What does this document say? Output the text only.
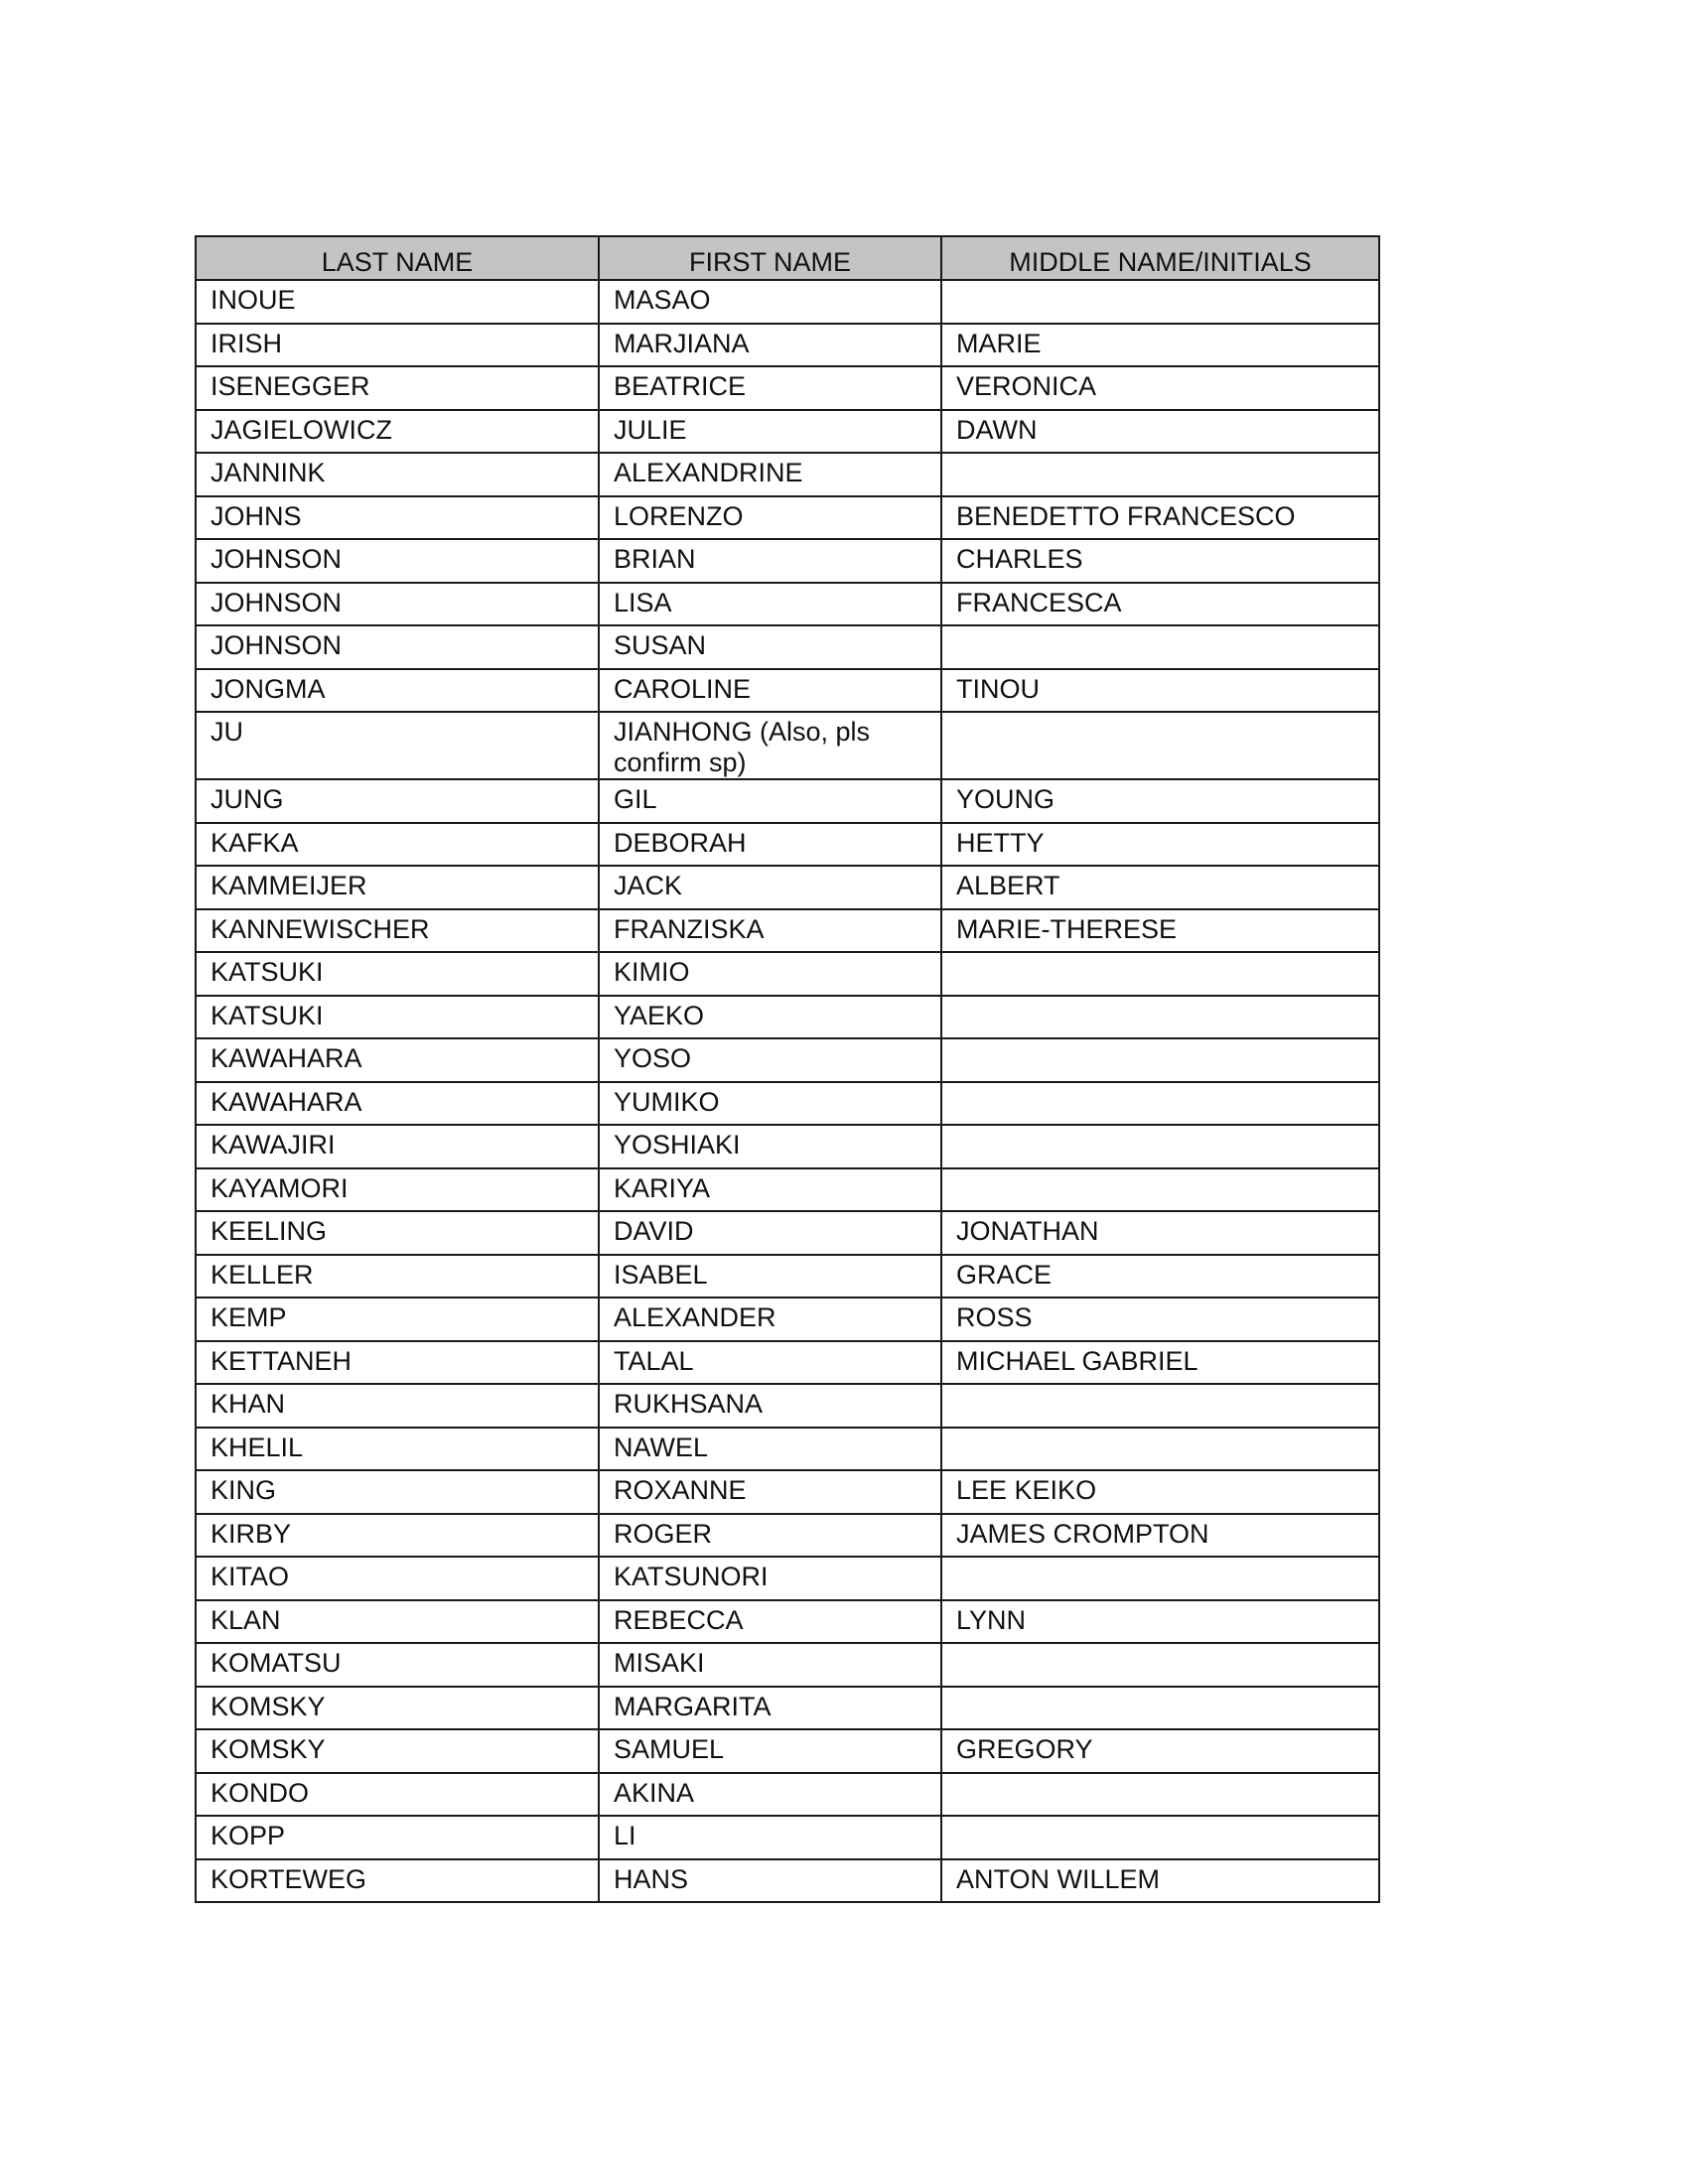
LAST NAME	FIRST NAME	MIDDLE NAME/INITIALS
INOUE	MASAO	
IRISH	MARJIANA	MARIE
ISENEGGER	BEATRICE	VERONICA
JAGIELOWICZ	JULIE	DAWN
JANNINK	ALEXANDRINE	
JOHNS	LORENZO	BENEDETTO FRANCESCO
JOHNSON	BRIAN	CHARLES
JOHNSON	LISA	FRANCESCA
JOHNSON	SUSAN	
JONGMA	CAROLINE	TINOU
JU	JIANHONG (Also, pls confirm sp)	
JUNG	GIL	YOUNG
KAFKA	DEBORAH	HETTY
KAMMEIJER	JACK	ALBERT
KANNEWISCHER	FRANZISKA	MARIE-THERESE
KATSUKI	KIMIO	
KATSUKI	YAEKO	
KAWAHARA	YOSO	
KAWAHARA	YUMIKO	
KAWAJIRI	YOSHIAKI	
KAYAMORI	KARIYA	
KEELING	DAVID	JONATHAN
KELLER	ISABEL	GRACE
KEMP	ALEXANDER	ROSS
KETTANEH	TALAL	MICHAEL GABRIEL
KHAN	RUKHSANA	
KHELIL	NAWEL	
KING	ROXANNE	LEE KEIKO
KIRBY	ROGER	JAMES CROMPTON
KITAO	KATSUNORI	
KLAN	REBECCA	LYNN
KOMATSU	MISAKI	
KOMSKY	MARGARITA	
KOMSKY	SAMUEL	GREGORY
KONDO	AKINA	
KOPP	LI	
KORTEWEG	HANS	ANTON WILLEM
